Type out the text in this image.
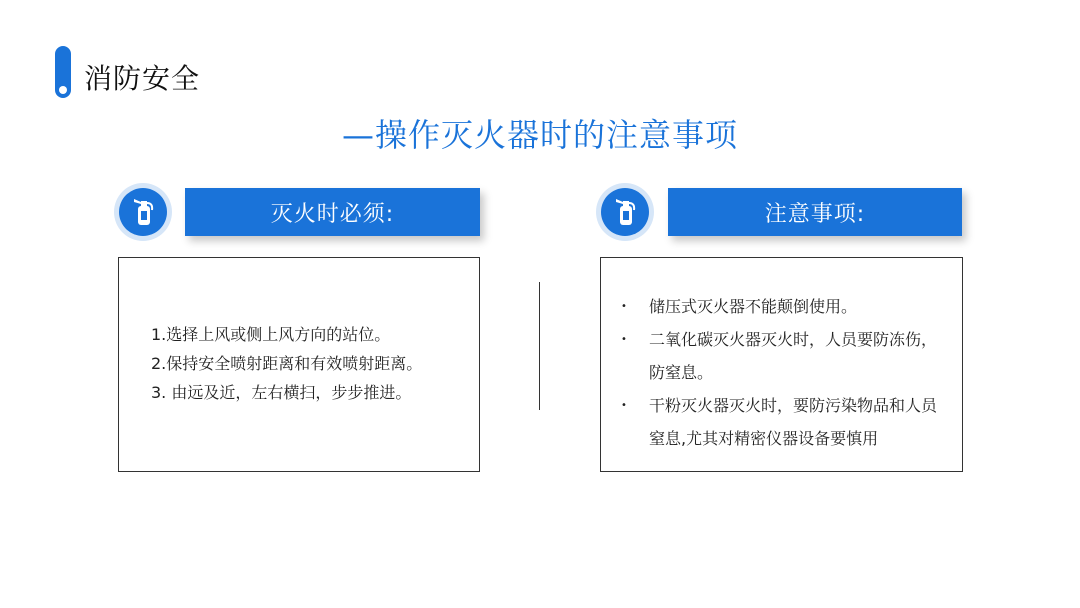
消防安全
—操作灭火器时的注意事项
灭火时必须:
1.选择上风或侧上风方向的站位。
2.保持安全喷射距离和有效喷射距离。
3. 由远及近，左右横扫，步步推进。
注意事项:
•	储压式灭火器不能颠倒使用。
•	二氧化碳灭火器灭火时，人员要防冻伤，防窒息。
•	干粉灭火器灭火时，要防污染物品和人员窒息,尤其对精密仪器设备要慎用
